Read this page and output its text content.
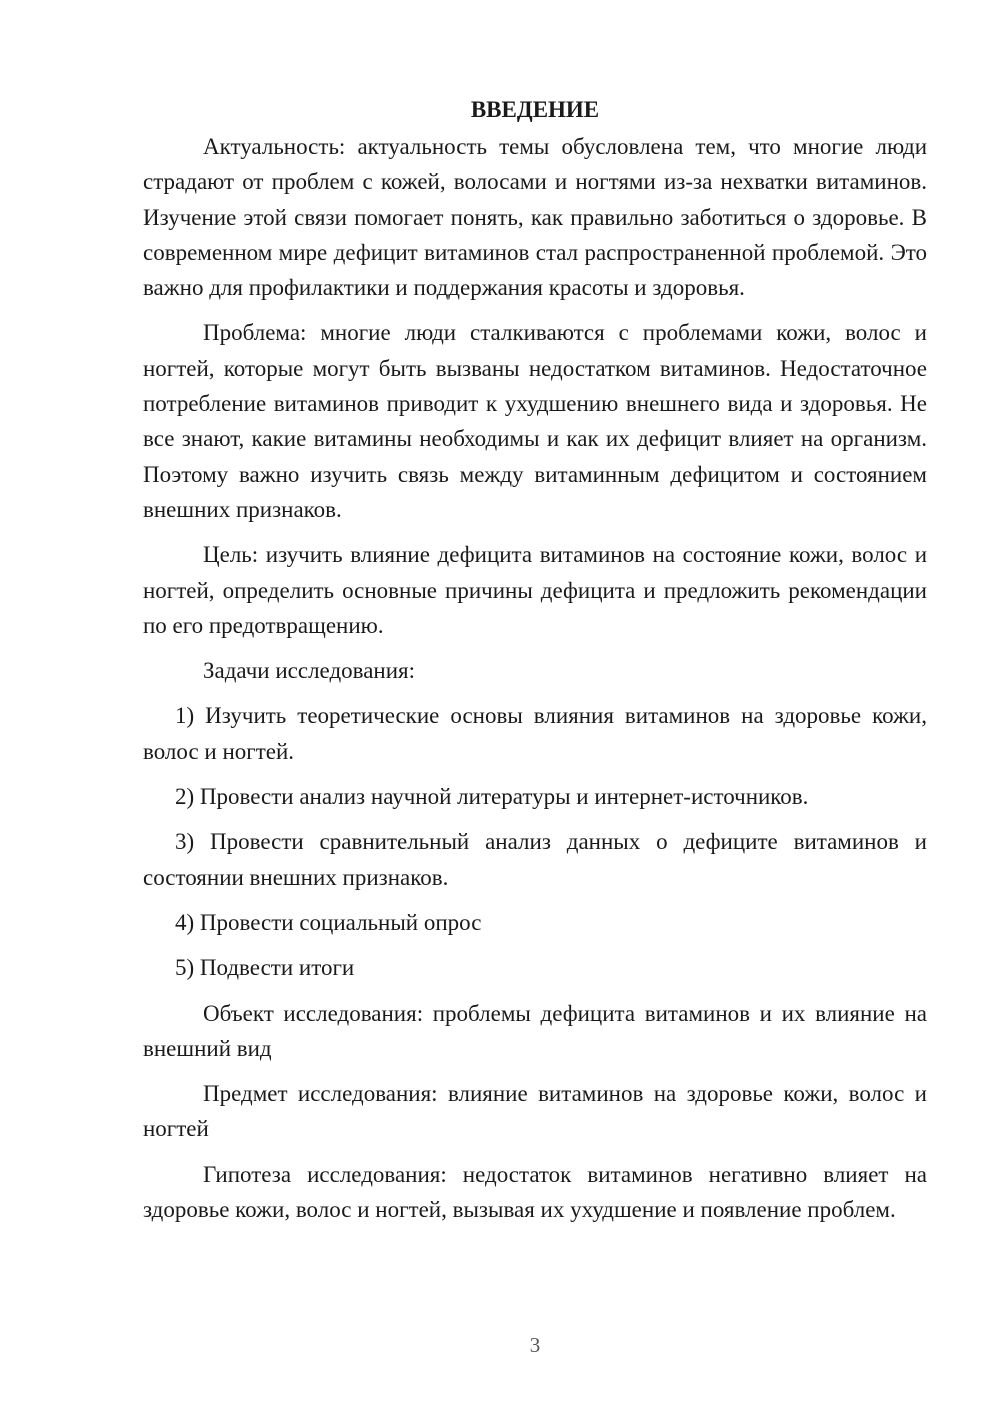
ВВЕДЕНИЕ

Актуальность: актуальность темы обусловлена тем, что многие люди страдают от проблем с кожей, волосами и ногтями из-за нехватки витаминов. Изучение этой связи помогает понять, как правильно заботиться о здоровье. В современном мире дефицит витаминов стал распространенной проблемой. Это важно для профилактики и поддержания красоты и здоровья.

Проблема: многие люди сталкиваются с проблемами кожи, волос и ногтей, которые могут быть вызваны недостатком витаминов. Недостаточное потребление витаминов приводит к ухудшению внешнего вида и здоровья. Не все знают, какие витамины необходимы и как их дефицит влияет на организм. Поэтому важно изучить связь между витаминным дефицитом и состоянием внешних признаков.

Цель: изучить влияние дефицита витаминов на состояние кожи, волос и ногтей, определить основные причины дефицита и предложить рекомендации по его предотвращению.

Задачи исследования:

1) Изучить теоретические основы влияния витаминов на здоровье кожи, волос и ногтей.

2) Провести анализ научной литературы и интернет-источников.

3) Провести сравнительный анализ данных о дефиците витаминов и состоянии внешних признаков.

4) Провести социальный опрос

5) Подвести итоги

Объект исследования: проблемы дефицита витаминов и их влияние на внешний вид

Предмет исследования: влияние витаминов на здоровье кожи, волос и ногтей

Гипотеза исследования: недостаток витаминов негативно влияет на здоровье кожи, волос и ногтей, вызывая их ухудшение и появление проблем.

3
